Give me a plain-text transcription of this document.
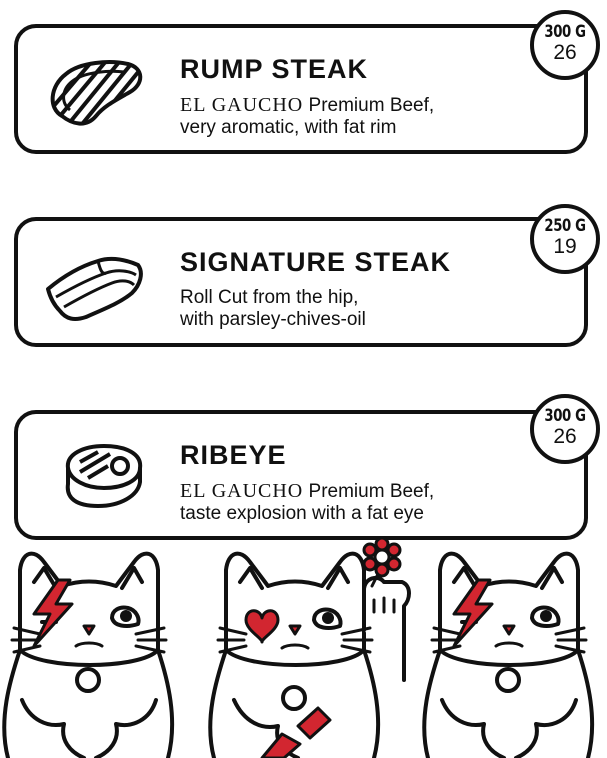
RUMP STEAK
EL GAUCHO Premium Beef,
very aromatic, with fat rim
300 G
26
SIGNATURE STEAK
Roll Cut from the hip,
with parsley-chives-oil
250 G
19
RIBEYE
EL GAUCHO Premium Beef,
taste explosion with a fat eye
300 G
26
